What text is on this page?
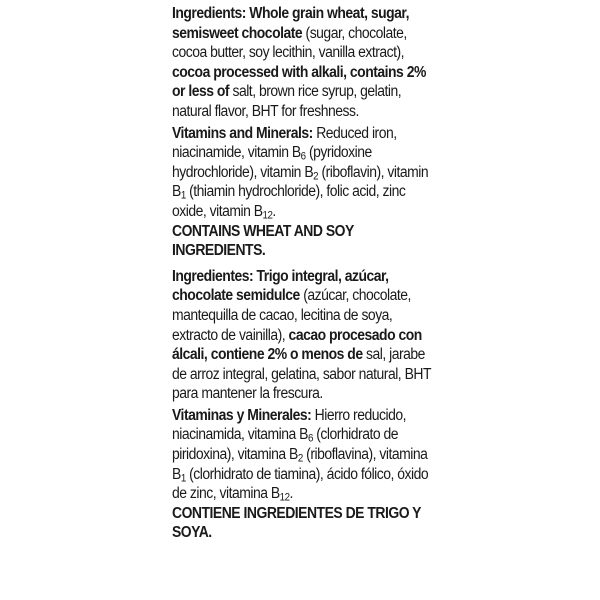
Ingredients: Whole grain wheat, sugar, semisweet chocolate (sugar, chocolate, cocoa butter, soy lecithin, vanilla extract), cocoa processed with alkali, contains 2% or less of salt, brown rice syrup, gelatin, natural flavor, BHT for freshness.

Vitamins and Minerals: Reduced iron, niacinamide, vitamin $B_6$ (pyridoxine hydrochloride), vitamin $B_2$ (riboflavin), vitamin $B_1$ (thiamin hydrochloride), folic acid, zinc oxide, vitamin $B_{12}$.

CONTAINS WHEAT AND SOY INGREDIENTS.

Ingredientes: Trigo integral, azúcar, chocolate semidulce (azúcar, chocolate, mantequilla de cacao, lecitina de soya, extracto de vainilla), cacao procesado con álcali, contiene 2% o menos de sal, jarabe de arroz integral, gelatina, sabor natural, BHT para mantener la frescura.

Vitaminas y Minerales: Hierro reducido, niacinamida, vitamina $B_6$ (clorhidrato de piridoxina), vitamina $B_2$ (riboflavina), vitamina $B_1$ (clorhidrato de tiamina), ácido fólico, óxido de zinc, vitamina $B_{12}$.

CONTIENE INGREDIENTES DE TRIGO Y SOYA.
